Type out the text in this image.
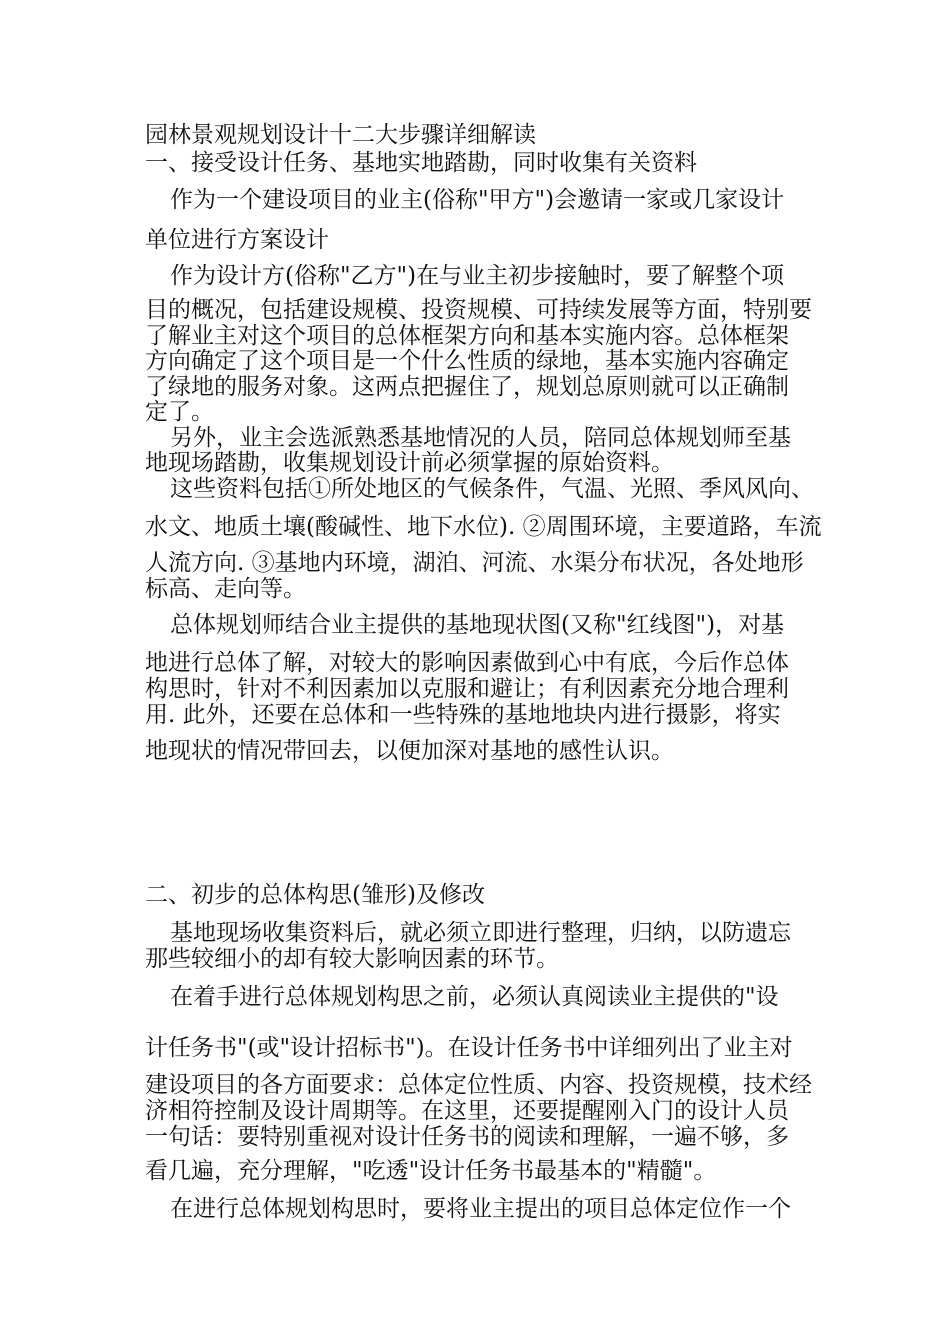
园林景观规划设计十二大步骤详细解读
一、接受设计任务、基地实地踏勘，同时收集有关资料
作为一个建设项目的业主(俗称"甲方")会邀请一家或几家设计
单位进行方案设计
作为设计方(俗称"乙方")在与业主初步接触时，要了解整个项
目的概况，包括建设规模、投资规模、可持续发展等方面，特别要
了解业主对这个项目的总体框架方向和基本实施内容。总体框架
方向确定了这个项目是一个什么性质的绿地，基本实施内容确定
了绿地的服务对象。这两点把握住了，规划总原则就可以正确制
定了。
另外，业主会选派熟悉基地情况的人员，陪同总体规划师至基
地现场踏勘，收集规划设计前必须掌握的原始资料。
这些资料包括①所处地区的气候条件，气温、光照、季风风向、
水文、地质土壤(酸碱性、地下水位). ②周围环境，主要道路，车流
人流方向. ③基地内环境，湖泊、河流、水渠分布状况，各处地形
标高、走向等。
总体规划师结合业主提供的基地现状图(又称"红线图")，对基
地进行总体了解，对较大的影响因素做到心中有底，今后作总体
构思时，针对不利因素加以克服和避让；有利因素充分地合理利
用. 此外，还要在总体和一些特殊的基地地块内进行摄影，将实
地现状的情况带回去，以便加深对基地的感性认识。
二、初步的总体构思(雏形)及修改
基地现场收集资料后，就必须立即进行整理，归纳，以防遗忘
那些较细小的却有较大影响因素的环节。
在着手进行总体规划构思之前，必须认真阅读业主提供的"设
计任务书"(或"设计招标书")。在设计任务书中详细列出了业主对
建设项目的各方面要求：总体定位性质、内容、投资规模，技术经
济相符控制及设计周期等。在这里，还要提醒刚入门的设计人员
一句话：要特别重视对设计任务书的阅读和理解，一遍不够，多
看几遍，充分理解，"吃透"设计任务书最基本的"精髓"。
在进行总体规划构思时，要将业主提出的项目总体定位作一个
